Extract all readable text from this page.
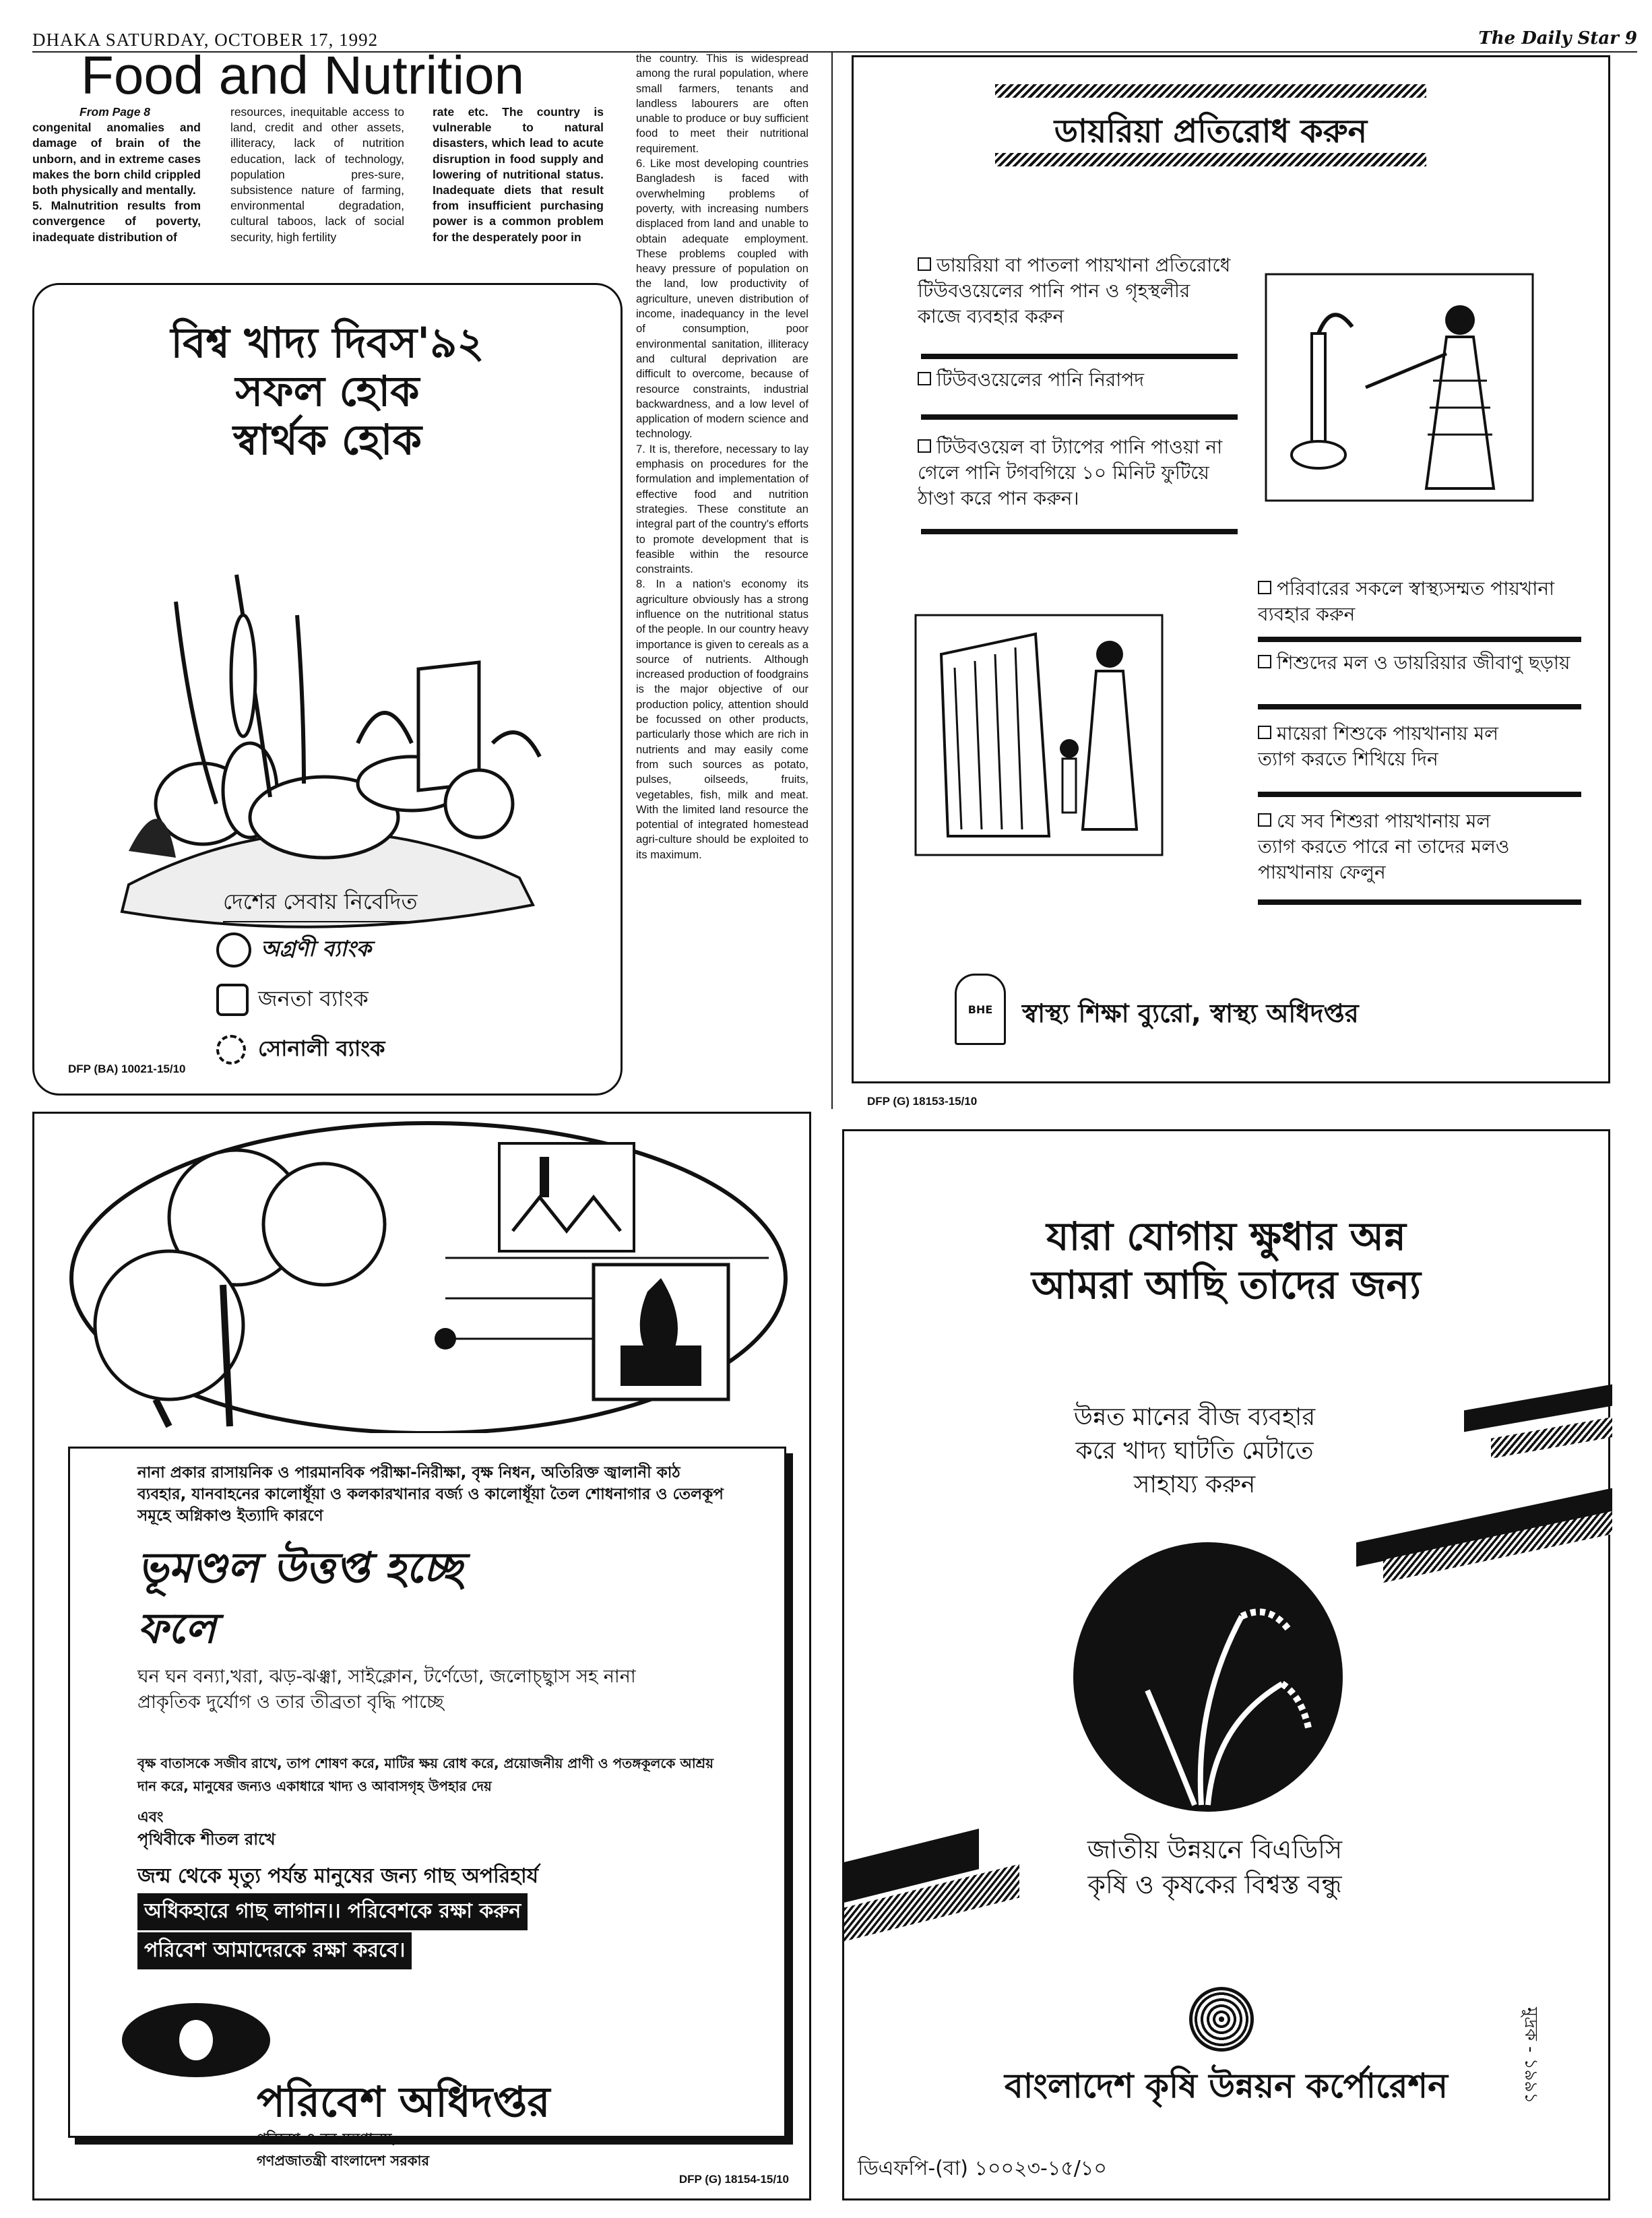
DHAKA SATURDAY, OCTOBER 17, 1992	The Daily Star 9
Food and Nutrition
From Page 8

congenital anomalies and damage of brain of the unborn, and in extreme cases makes the born child crippled both physically and mentally.
5. Malnutrition results from convergence of poverty, inadequate distribution of

resources, inequitable access to land, credit and other assets, illiteracy, lack of nutrition education, lack of technology, population pres-sure, subsistence nature of farming, environmental degradation, cultural taboos, lack of social security, high fertility

rate etc. The country is vulnerable to natural disasters, which lead to acute disruption in food supply and lowering of nutritional status. Inadequate diets that result from insufficient purchasing power is a common problem for the desperately poor in

the country. This is widespread among the rural population, where small farmers, tenants and landless labourers are often unable to produce or buy sufficient food to meet their nutritional requirement.
6. Like most developing countries Bangladesh is faced with overwhelming problems of poverty, with increasing numbers displaced from land and unable to obtain adequate employment. These problems coupled with heavy pressure of population on the land, low productivity of agriculture, uneven distribution of income, inadequancy in the level of consumption, poor environmental sanitation, illiteracy and cultural deprivation are difficult to overcome, because of resource constraints, industrial backwardness, and a low level of application of modern science and technology.
7. It is, therefore, necessary to lay emphasis on procedures for the formulation and implementation of effective food and nutrition strategies. These constitute an integral part of the country's efforts to promote development that is feasible within the resource constraints.
8. In a nation's economy its agriculture obviously has a strong influence on the nutritional status of the people. In our country heavy importance is given to cereals as a source of nutrients. Although increased production of foodgrains is the major objective of our production policy, attention should be focussed on other products, particularly those which are rich in nutrients and may easily come from such sources as potato, pulses, oilseeds, fruits, vegetables, fish, milk and meat. With the limited land resource the potential of integrated homestead agri-culture should be exploited to its maximum.

বিশ্ব খাদ্য দিবস'৯২
সফল হোক
স্বার্থক হোক
দেশের সেবায় নিবেদিত
অগ্রণী ব্যাংক
জনতা ব্যাংক
সোনালী ব্যাংক
DFP (BA) 10021-15/10
ডায়রিয়া প্রতিরোধ করুন
ডায়রিয়া বা পাতলা পায়খানা প্রতিরোধে টিউবওয়েলের পানি পান ও গৃহস্থলীর কাজে ব্যবহার করুন
টিউবওয়েলের পানি নিরাপদ
টিউবওয়েল বা ট্যাপের পানি পাওয়া না গেলে পানি টগবগিয়ে ১০ মিনিট ফুটিয়ে ঠাণ্ডা করে পান করুন।
পরিবারের সকলে স্বাস্থ্যসম্মত পায়খানা ব্যবহার করুন
শিশুদের মল ও ডায়রিয়ার জীবাণু ছড়ায়
মায়েরা শিশুকে পায়খানায় মল ত্যাগ করতে শিখিয়ে দিন
যে সব শিশুরা পায়খানায় মল ত্যাগ করতে পারে না তাদের মলও পায়খানায় ফেলুন
BHE	স্বাস্থ্য শিক্ষা ব্যুরো, স্বাস্থ্য অধিদপ্তর
DFP (G) 18153-15/10
নানা প্রকার রাসায়নিক ও পারমানবিক পরীক্ষা-নিরীক্ষা, বৃক্ষ নিধন, অতিরিক্ত জ্বালানী কাঠ ব্যবহার, যানবাহনের কালোধূঁয়া ও কলকারখানার বর্জ্য ও কালোধূঁয়া তৈল শোধনাগার ও তেলকূপ সমূহে অগ্নিকাণ্ড ইত্যাদি কারণে
ভূমণ্ডল উত্তপ্ত হচ্ছে
ফলে
ঘন ঘন বন্যা,খরা, ঝড়-ঝঞ্ঝা, সাইক্লোন, টর্ণেডো, জলোচ্ছ্বাস সহ নানা প্রাকৃতিক দুর্যোগ ও তার তীব্রতা বৃদ্ধি পাচ্ছে
বৃক্ষ বাতাসকে সজীব রাখে, তাপ শোষণ করে, মাটির ক্ষয় রোধ করে, প্রয়োজনীয় প্রাণী ও পতঙ্গকূলকে আশ্রয় দান করে, মানুষের জন্যও একাধারে খাদ্য ও আবাসগৃহ উপহার দেয়
এবং
পৃথিবীকে শীতল রাখে
জন্ম থেকে মৃত্যু পর্যন্ত মানুষের জন্য গাছ অপরিহার্য
অধিকহারে গাছ লাগান।। পরিবেশকে রক্ষা করুন
পরিবেশ আমাদেরকে রক্ষা করবে।
পরিবেশ অধিদপ্তর
পরিবেশ ও বন-মন্ত্রণালয়,
গণপ্রজাতন্ত্রী বাংলাদেশ সরকার
DFP (G) 18154-15/10
যারা যোগায় ক্ষুধার অন্ন
আমরা আছি তাদের জন্য
উন্নত মানের বীজ ব্যবহার
করে খাদ্য ঘাটতি মেটাতে
সাহায্য করুন
জাতীয় উন্নয়নে বিএডিসি
কৃষি ও কৃষকের বিশ্বস্ত বন্ধু
বাংলাদেশ কৃষি উন্নয়ন কর্পোরেশন	মুদ্রক - ১৯৯১
ডিএফপি-(বা) ১০০২৩-১৫/১০
